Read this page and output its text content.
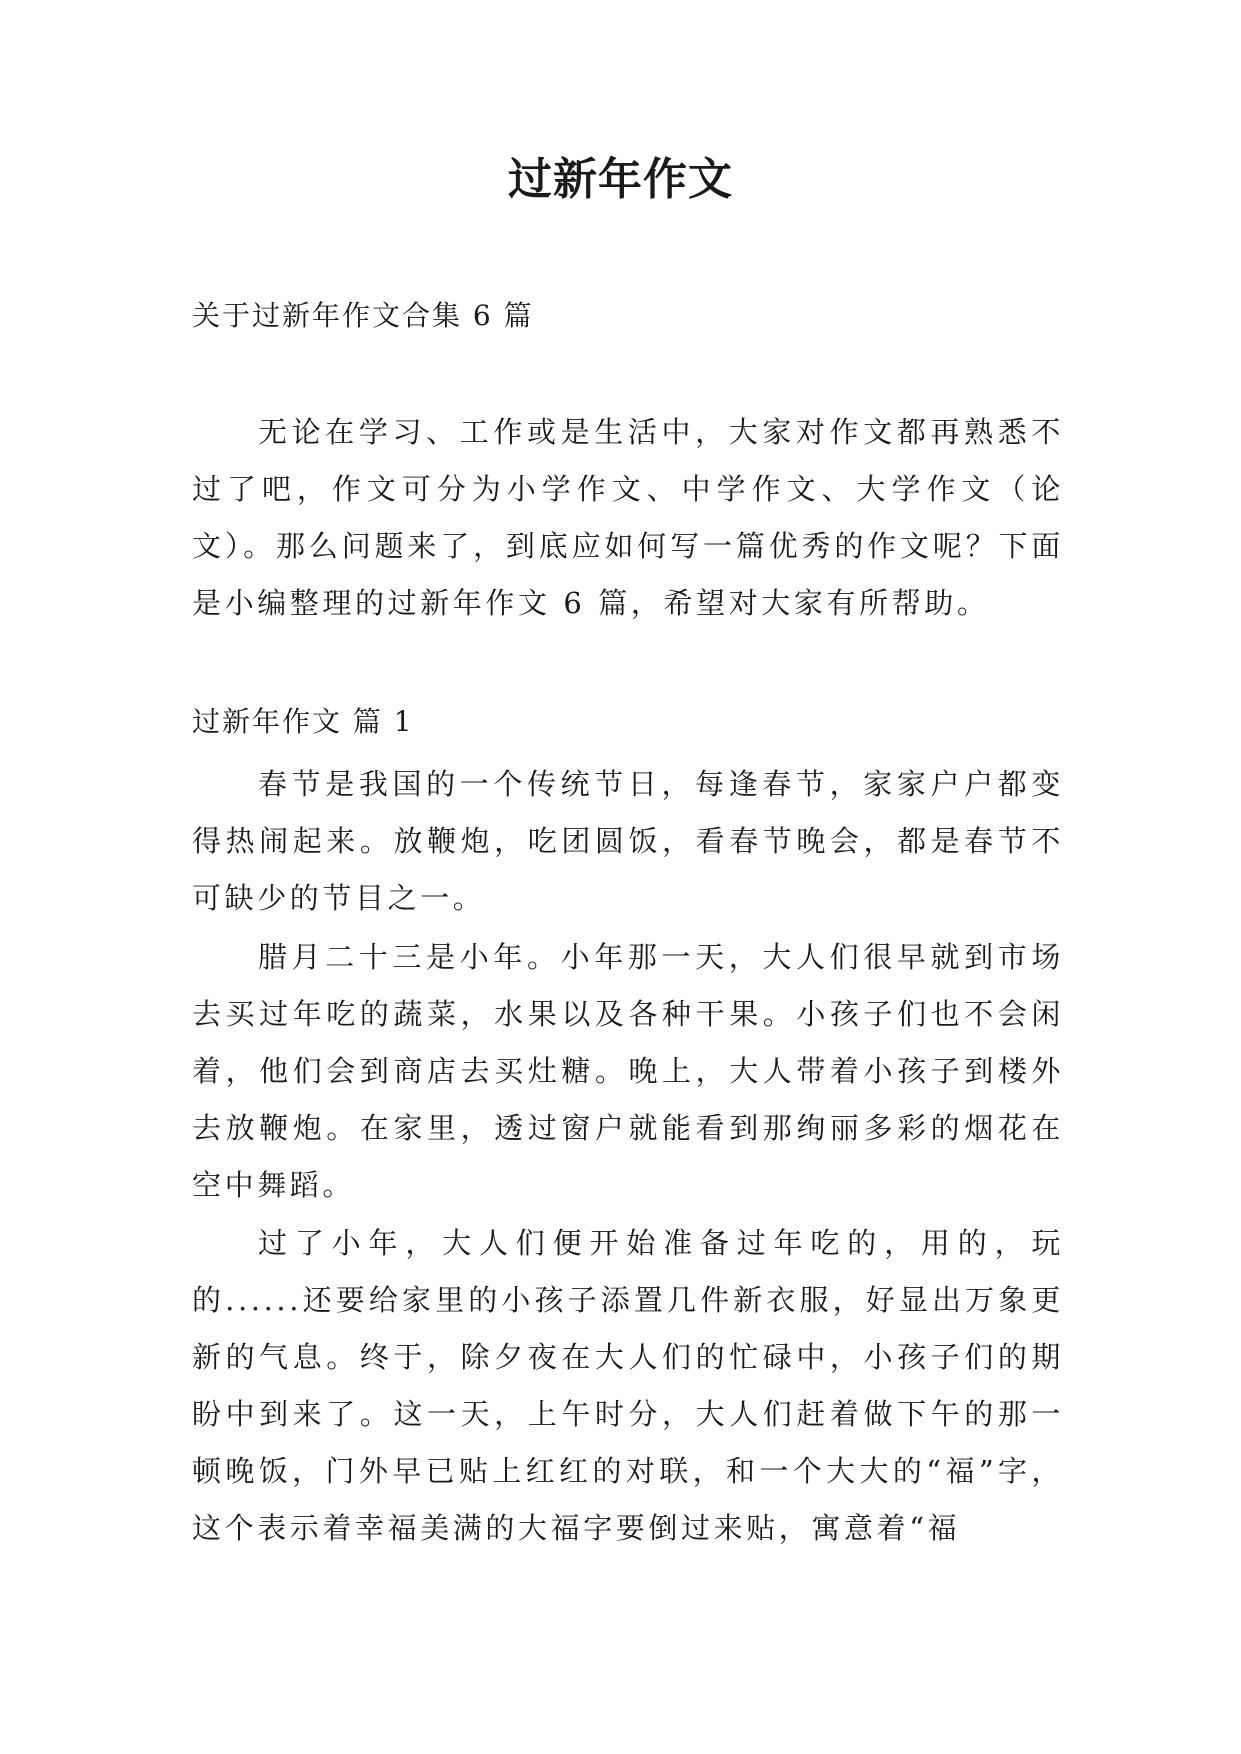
过新年作文
关于过新年作文合集 6 篇

无论在学习、工作或是生活中，大家对作文都再熟悉不过了吧，作文可分为小学作文、中学作文、大学作文（论文）。那么问题来了，到底应如何写一篇优秀的作文呢？下面是小编整理的过新年作文 6 篇，希望对大家有所帮助。

过新年作文 篇 1

春节是我国的一个传统节日，每逢春节，家家户户都变得热闹起来。放鞭炮，吃团圆饭，看春节晚会，都是春节不可缺少的节目之一。

腊月二十三是小年。小年那一天，大人们很早就到市场去买过年吃的蔬菜，水果以及各种干果。小孩子们也不会闲着，他们会到商店去买灶糖。晚上，大人带着小孩子到楼外去放鞭炮。在家里，透过窗户就能看到那绚丽多彩的烟花在空中舞蹈。

过了小年，大人们便开始准备过年吃的，用的，玩的......还要给家里的小孩子添置几件新衣服，好显出万象更新的气息。终于，除夕夜在大人们的忙碌中，小孩子们的期盼中到来了。这一天，上午时分，大人们赶着做下午的那一顿晚饭，门外早已贴上红红的对联，和一个大大的“福”字，这个表示着幸福美满的大福字要倒过来贴，寓意着“福
